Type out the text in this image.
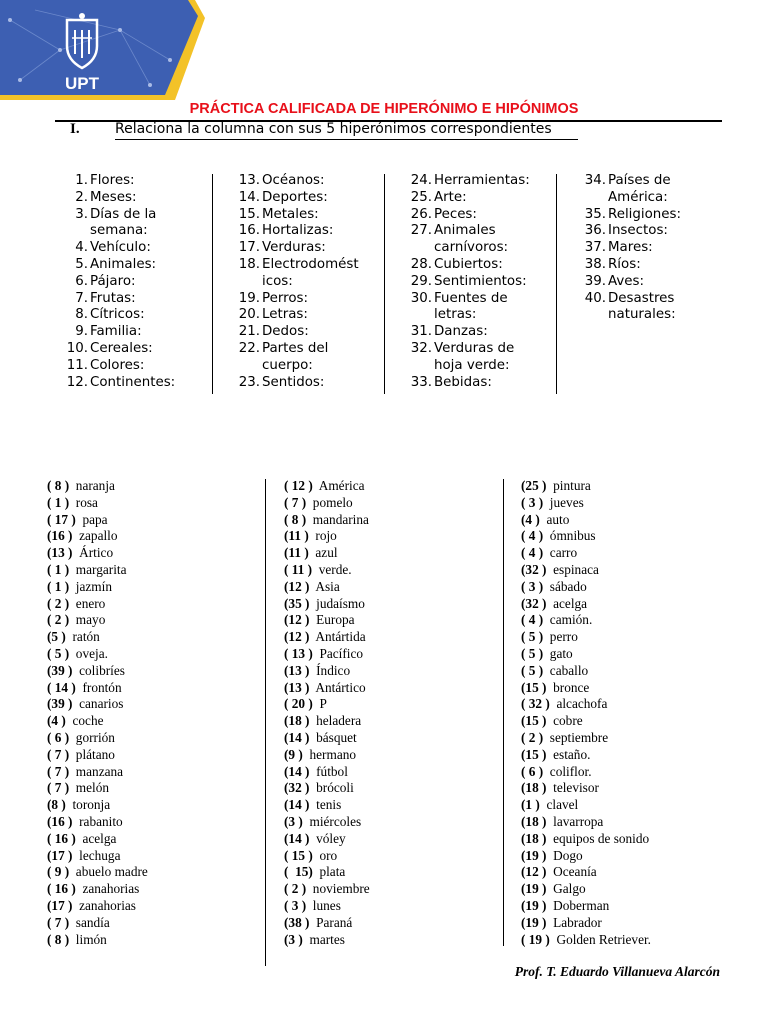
UPT
PRÁCTICA CALIFICADA DE HIPERÓNIMO E HIPÓNIMOS
I.	Relaciona la columna con sus 5 hiperónimos correspondientes
1. Flores:
2. Meses:
3. Días de la
semana:
4. Vehículo:
5. Animales:
6. Pájaro:
7. Frutas:
8. Cítricos:
9. Familia:
10. Cereales:
11. Colores:
12. Continentes:
13. Océanos:
14. Deportes:
15. Metales:
16. Hortalizas:
17. Verduras:
18. Electrodomést
icos:
19. Perros:
20. Letras:
21. Dedos:
22. Partes del
cuerpo:
23. Sentidos:
24. Herramientas:
25. Arte:
26. Peces:
27. Animales
carnívoros:
28. Cubiertos:
29. Sentimientos:
30. Fuentes de
letras:
31. Danzas:
32. Verduras de
hoja verde:
33. Bebidas:
34. Países de
América:
35. Religiones:
36. Insectos:
37. Mares:
38. Ríos:
39. Aves:
40. Desastres
naturales:
( 8 )  naranja
( 1 )  rosa
( 17 )  papa
(16 )  zapallo
(13 )  Ártico
( 1 )  margarita
( 1 )  jazmín
( 2 )  enero
( 2 )  mayo
(5 )  ratón
( 5 )  oveja.
(39 )  colibríes
( 14 )  frontón
(39 )  canarios
(4 )  coche
( 6 )  gorrión
( 7 )  plátano
( 7 )  manzana
( 7 )  melón
(8 )  toronja
(16 )  rabanito
( 16 )  acelga
(17 )  lechuga
( 9 )  abuelo madre
( 16 )  zanahorias
(17 )  zanahorias
( 7 )  sandía
( 8 )  limón
( 12 )  América
( 7 )  pomelo
( 8 )  mandarina
(11 )  rojo
(11 )  azul
( 11 )  verde.
(12 )  Asia
(35 )  judaísmo
(12 )  Europa
(12 )  Antártida
( 13 )  Pacífico
(13 )  Índico
(13 )  Antártico
( 20 )  P
(18 )  heladera
(14 )  básquet
(9 )  hermano
(14 )  fútbol
(32 )  brócoli
(14 )  tenis
(3 )  miércoles
(14 )  vóley
( 15 )  oro
(  15)  plata
( 2 )  noviembre
( 3 )  lunes
(38 )  Paraná
(3 )  martes
(25 )  pintura
( 3 )  jueves
(4 )  auto
( 4 )  ómnibus
( 4 )  carro
(32 )  espinaca
( 3 )  sábado
(32 )  acelga
( 4 )  camión.
( 5 )  perro
( 5 )  gato
( 5 )  caballo
(15 )  bronce
( 32 )  alcachofa
(15 )  cobre
( 2 )  septiembre
(15 )  estaño.
( 6 )  coliflor.
(18 )  televisor
(1 )  clavel
(18 )  lavarropa
(18 )  equipos de sonido
(19 )  Dogo
(12 )  Oceanía
(19 )  Galgo
(19 )  Doberman
(19 )  Labrador
( 19 )  Golden Retriever.
Prof. T. Eduardo Villanueva Alarcón
